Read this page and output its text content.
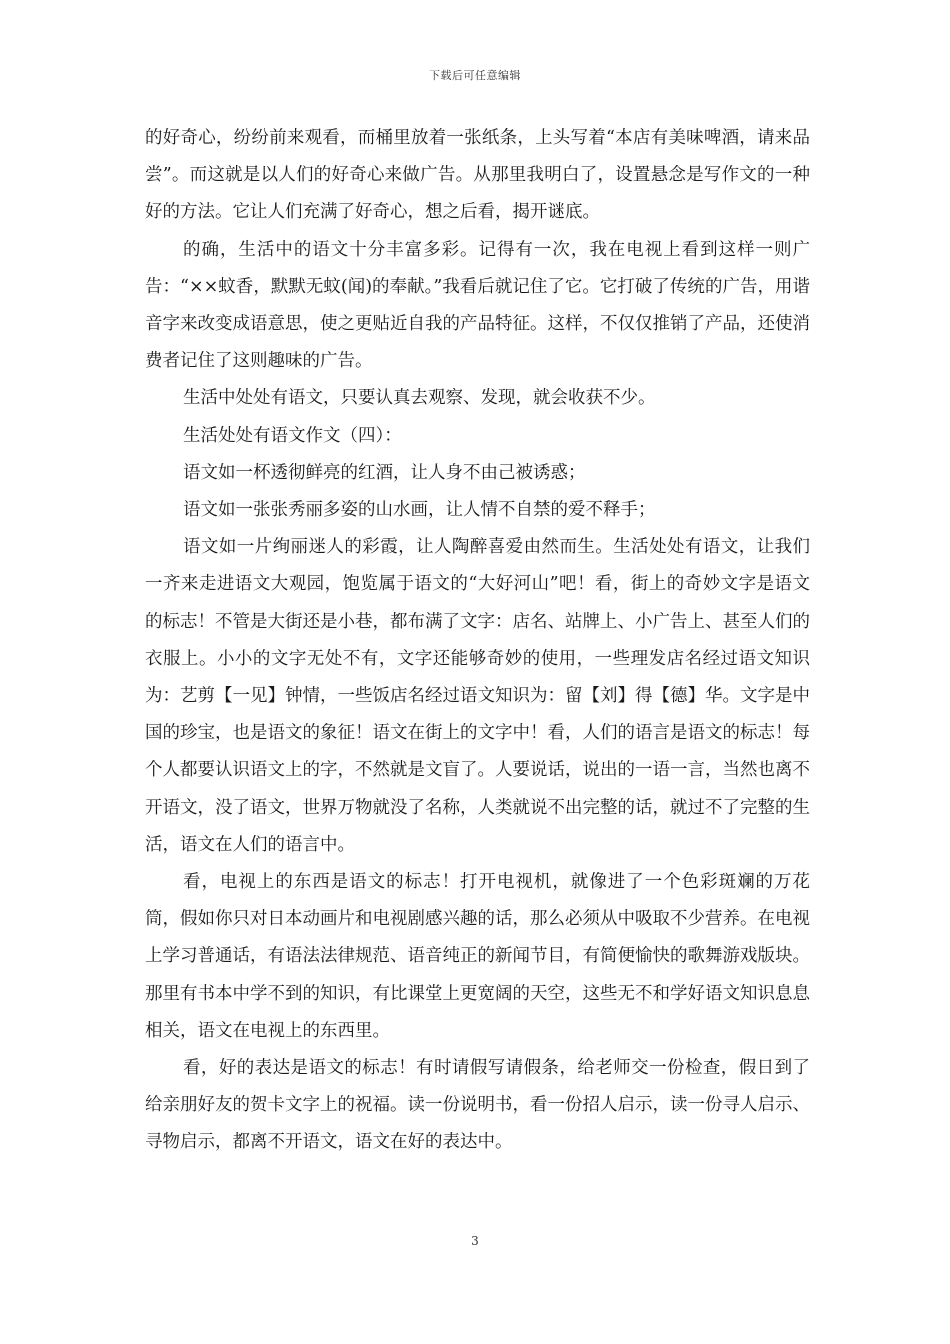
下载后可任意编辑

的好奇心，纷纷前来观看，而桶里放着一张纸条，上头写着“本店有美味啤酒，请来品尝”。而这就是以人们的好奇心来做广告。从那里我明白了，设置悬念是写作文的一种好的方法。它让人们充满了好奇心，想之后看，揭开谜底。

的确，生活中的语文十分丰富多彩。记得有一次，我在电视上看到这样一则广告：“××蚊香，默默无蚊(闻)的奉献。”我看后就记住了它。它打破了传统的广告，用谐音字来改变成语意思，使之更贴近自我的产品特征。这样，不仅仅推销了产品，还使消费者记住了这则趣味的广告。

生活中处处有语文，只要认真去观察、发现，就会收获不少。

生活处处有语文作文（四）：

语文如一杯透彻鲜亮的红酒，让人身不由己被诱惑；

语文如一张张秀丽多姿的山水画，让人情不自禁的爱不释手；

语文如一片绚丽迷人的彩霞，让人陶醉喜爱由然而生。生活处处有语文，让我们一齐来走进语文大观园，饱览属于语文的“大好河山”吧！看，街上的奇妙文字是语文的标志！不管是大街还是小巷，都布满了文字：店名、站牌上、小广告上、甚至人们的衣服上。小小的文字无处不有，文字还能够奇妙的使用，一些理发店名经过语文知识为：艺剪【一见】钟情，一些饭店名经过语文知识为：留【刘】得【德】华。文字是中国的珍宝，也是语文的象征！语文在街上的文字中！看，人们的语言是语文的标志！每个人都要认识语文上的字，不然就是文盲了。人要说话，说出的一语一言，当然也离不开语文，没了语文，世界万物就没了名称，人类就说不出完整的话，就过不了完整的生活，语文在人们的语言中。

看，电视上的东西是语文的标志！打开电视机，就像进了一个色彩斑斓的万花筒，假如你只对日本动画片和电视剧感兴趣的话，那么必须从中吸取不少营养。在电视上学习普通话，有语法法律规范、语音纯正的新闻节目，有简便愉快的歌舞游戏版块。那里有书本中学不到的知识，有比课堂上更宽阔的天空，这些无不和学好语文知识息息相关，语文在电视上的东西里。

看，好的表达是语文的标志！有时请假写请假条，给老师交一份检查，假日到了给亲朋好友的贺卡文字上的祝福。读一份说明书，看一份招人启示，读一份寻人启示、寻物启示，都离不开语文，语文在好的表达中。

3
